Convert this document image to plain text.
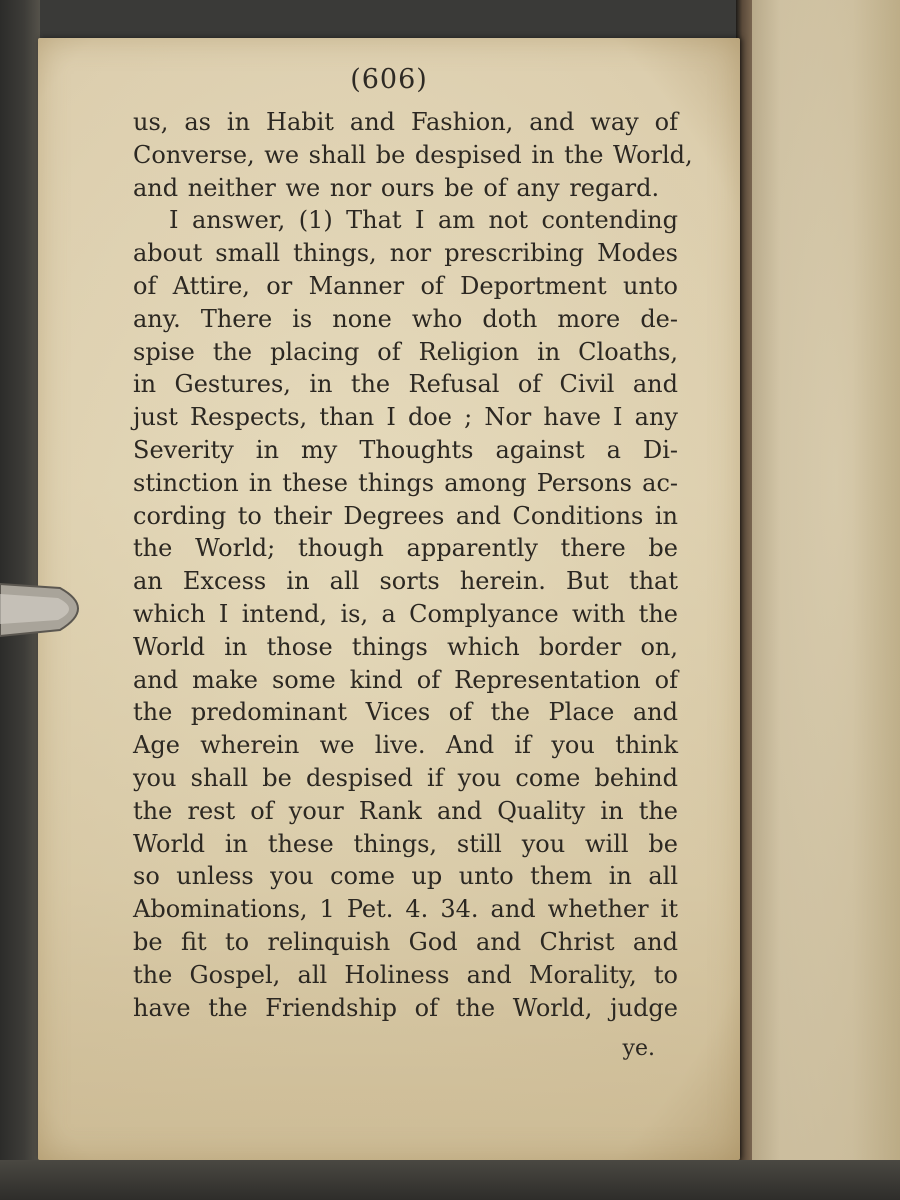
(606)
us, as in Habit and Fashion, and way of
Converse, we shall be despised in the World,
and neither we nor ours be of any regard.
I answer, (1) That I am not contending
about small things, nor prescribing Modes
of Attire, or Manner of Deportment unto
any. There is none who doth more de-
spise the placing of Religion in Cloaths,
in Gestures, in the Refusal of Civil and
just Respects, than I doe ; Nor have I any
Severity in my Thoughts against a Di-
stinction in these things among Persons ac-
cording to their Degrees and Conditions in
the World; though apparently there be
an Excess in all sorts herein. But that
which I intend, is, a Complyance with the
World in those things which border on,
and make some kind of Representation of
the predominant Vices of the Place and
Age wherein we live. And if you think
you shall be despised if you come behind
the rest of your Rank and Quality in the
World in these things, still you will be
so unless you come up unto them in all
Abominations, 1 Pet. 4. 34. and whether it
be fit to relinquish God and Christ and
the Gospel, all Holiness and Morality, to
have the Friendship of the World, judge
ye.
